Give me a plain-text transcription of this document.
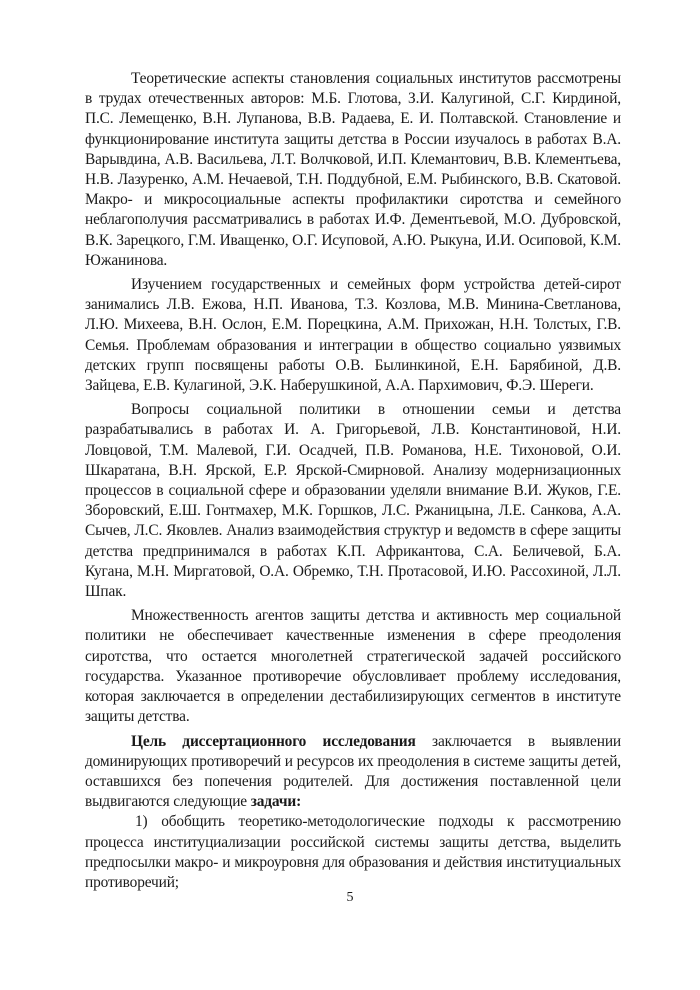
Теоретические аспекты становления социальных институтов рассмотрены в трудах отечественных авторов: М.Б. Глотова, З.И. Калугиной, С.Г. Кирдиной, П.С. Лемещенко, В.Н. Лупанова, В.В. Радаева, Е. И. Полтавской. Становление и функционирование института защиты детства в России изучалось в работах В.А. Варывдина, А.В. Васильева, Л.Т. Волчковой, И.П. Клемантович, В.В. Клементьева, Н.В. Лазуренко, А.М. Нечаевой, Т.Н. Поддубной, Е.М. Рыбинского, В.В. Скатовой. Макро- и микросоциальные аспекты профилактики сиротства и семейного неблагополучия рассматривались в работах И.Ф. Дементьевой, М.О. Дубровской, В.К. Зарецкого, Г.М. Иващенко, О.Г. Исуповой, А.Ю. Рыкуна, И.И. Осиповой, К.М. Южанинова.

Изучением государственных и семейных форм устройства детей-сирот занимались Л.В. Ежова, Н.П. Иванова, Т.З. Козлова, М.В. Минина-Светланова, Л.Ю. Михеева, В.Н. Ослон, Е.М. Порецкина, А.М. Прихожан, Н.Н. Толстых, Г.В. Семья. Проблемам образования и интеграции в общество социально уязвимых детских групп посвящены работы О.В. Былинкиной, Е.Н. Барябиной, Д.В. Зайцева, Е.В. Кулагиной, Э.К. Наберушкиной, А.А. Пархимович, Ф.Э. Шереги.

Вопросы социальной политики в отношении семьи и детства разрабатывались в работах И. А. Григорьевой, Л.В. Константиновой, Н.И. Ловцовой, Т.М. Малевой, Г.И. Осадчей, П.В. Романова, Н.Е. Тихоновой, О.И. Шкаратана, В.Н. Ярской, Е.Р. Ярской-Смирновой. Анализу модернизационных процессов в социальной сфере и образовании уделяли внимание В.И. Жуков, Г.Е. Зборовский, Е.Ш. Гонтмахер, М.К. Горшков, Л.С. Ржаницына, Л.Е. Санкова, А.А. Сычев, Л.С. Яковлев. Анализ взаимодействия структур и ведомств в сфере защиты детства предпринимался в работах К.П. Африкантова, С.А. Беличевой, Б.А. Кугана, М.Н. Миргатовой, О.А. Обремко, Т.Н. Протасовой, И.Ю. Рассохиной, Л.Л. Шпак.

Множественность агентов защиты детства и активность мер социальной политики не обеспечивает качественные изменения в сфере преодоления сиротства, что остается многолетней стратегической задачей российского государства. Указанное противоречие обусловливает проблему исследования, которая заключается в определении дестабилизирующих сегментов в институте защиты детства.

Цель диссертационного исследования заключается в выявлении доминирующих противоречий и ресурсов их преодоления в системе защиты детей, оставшихся без попечения родителей. Для достижения поставленной цели выдвигаются следующие задачи:

1) обобщить теоретико-методологические подходы к рассмотрению процесса институциализации российской системы защиты детства, выделить предпосылки макро- и микроуровня для образования и действия институциальных противоречий;

5
